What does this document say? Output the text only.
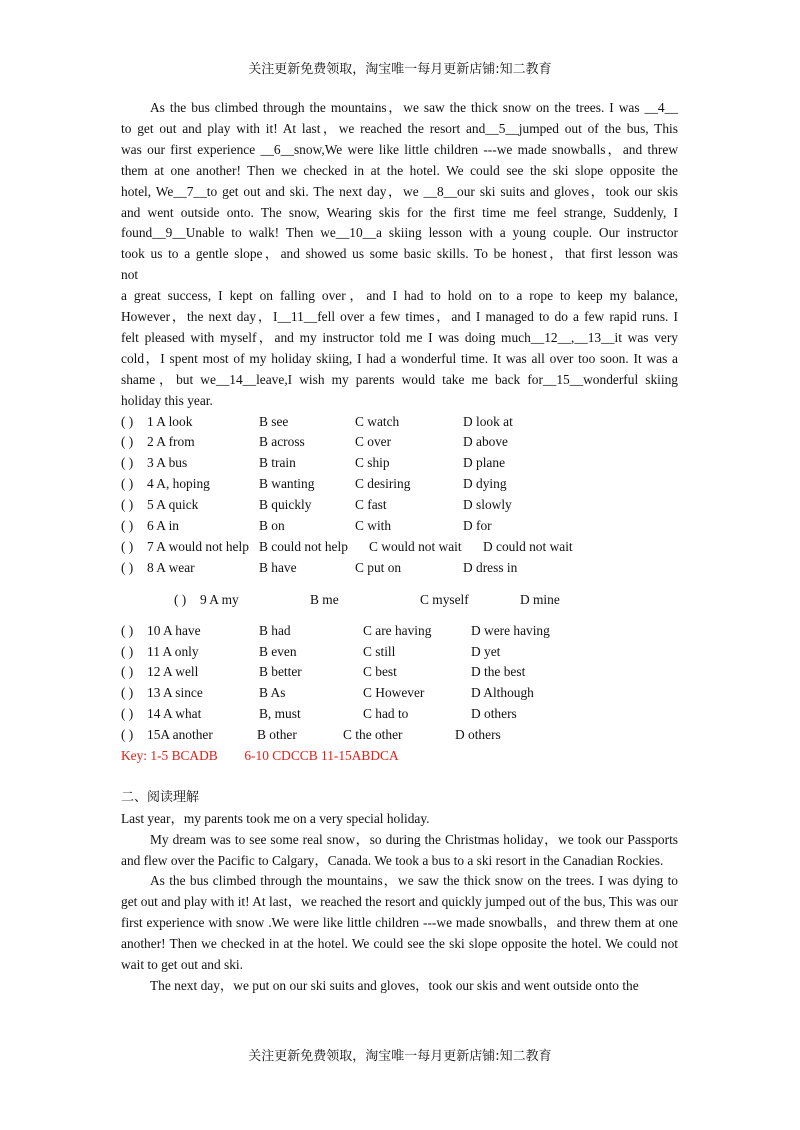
关注更新免费领取，淘宝唯一每月更新店铺:知二教育
As the bus climbed through the mountains，we saw the thick snow on the trees. I was __4__
to get out and play with it! At last，we reached the resort and__5__jumped out of the bus, This
was our first experience __6__snow,We were like little children ---we made snowballs，and threw
them at one another! Then we checked in at the hotel. We could see the ski slope opposite the
hotel, We__7__to get out and ski. The next day，we __8__our ski suits and gloves，took our skis
and went outside onto. The snow, Wearing skis for the first time me feel strange, Suddenly, I
found__9__Unable to walk! Then we__10__a skiing lesson with a young couple. Our instructor
took us to a gentle slope，and showed us some basic skills. To be honest，that first lesson was
not
a great success, I kept on falling over，and I had to hold on to a rope to keep my balance,
However，the next day，I__11__fell over a few times，and I managed to do a few rapid runs. I
felt pleased with myself，and my instructor told me I was doing much__12__,__13__it was very
cold，I spent most of my holiday skiing, I had a wonderful time. It was all over too soon. It was a
shame，but we__14__leave,I wish my parents would take me back for__15__wonderful skiing
holiday this year.
( )	1 A look	B see	C watch	D look at
( )	2 A from	B across	C over	D above
( )	3 A bus	B train	C ship	D plane
( )	4 A, hoping	B wanting	C desiring	D dying
( )	5 A quick	B quickly	C fast	D slowly
( )	6 A in	B on	C with	D for
( )	7 A would not help B could not help	C would not wait	D could not wait
( )	8 A wear	B have	C put on	D dress in
( )	9 A my	B me	C myself	D mine
( )	10 A have	B had	C are having	D were having
( )	11 A only	B even	C still	D yet
( )	12 A well	B better	C best	D the best
( )	13 A since	B As	C However	D Although
( )	14 A what	B, must	C had to	D others
( )	15A another	B other	C the other	D others
Key: 1-5 BCADB 6-10 CDCCB 11-15ABDCA
二、阅读理解
Last year，my parents took me on a very special holiday.
My dream was to see some real snow，so during the Christmas holiday，we took our Passports and flew over the Pacific to Calgary，Canada. We took a bus to a ski resort in the Canadian Rockies.
As the bus climbed through the mountains，we saw the thick snow on the trees. I was dying to get out and play with it! At last，we reached the resort and quickly jumped out of the bus, This was our first experience with snow .We were like little children ---we made snowballs，and threw them at one another! Then we checked in at the hotel. We could see the ski slope opposite the hotel. We could not wait to get out and ski.
The next day，we put on our ski suits and gloves，took our skis and went outside onto the
关注更新免费领取，淘宝唯一每月更新店铺:知二教育
